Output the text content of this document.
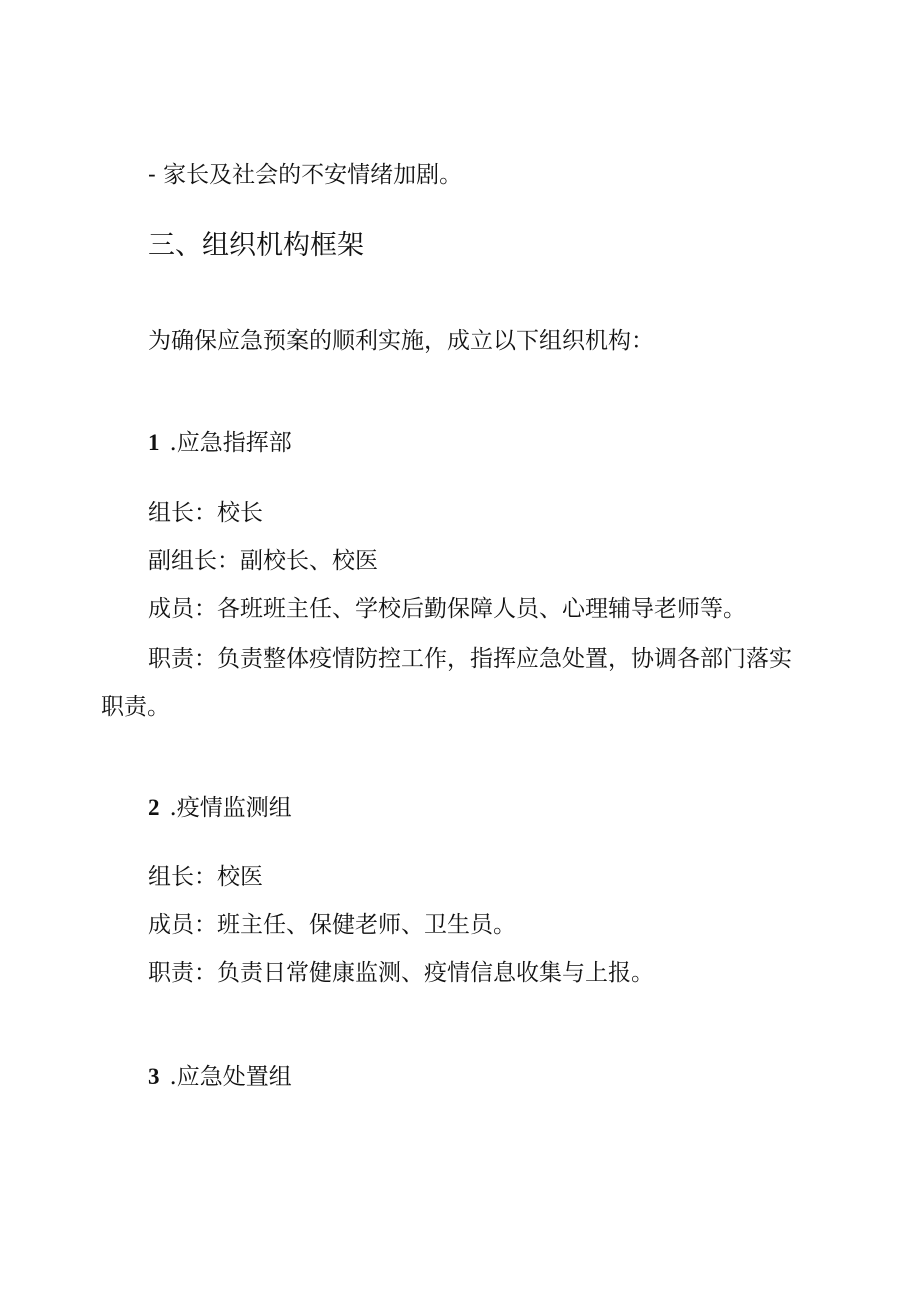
- 家长及社会的不安情绪加剧。

三、组织机构框架

为确保应急预案的顺利实施，成立以下组织机构：

1 .应急指挥部

组长：校长

副组长：副校长、校医

成员：各班班主任、学校后勤保障人员、心理辅导老师等。

职责：负责整体疫情防控工作，指挥应急处置，协调各部门落实

职责。

2 .疫情监测组

组长：校医

成员：班主任、保健老师、卫生员。

职责：负责日常健康监测、疫情信息收集与上报。

3 .应急处置组
